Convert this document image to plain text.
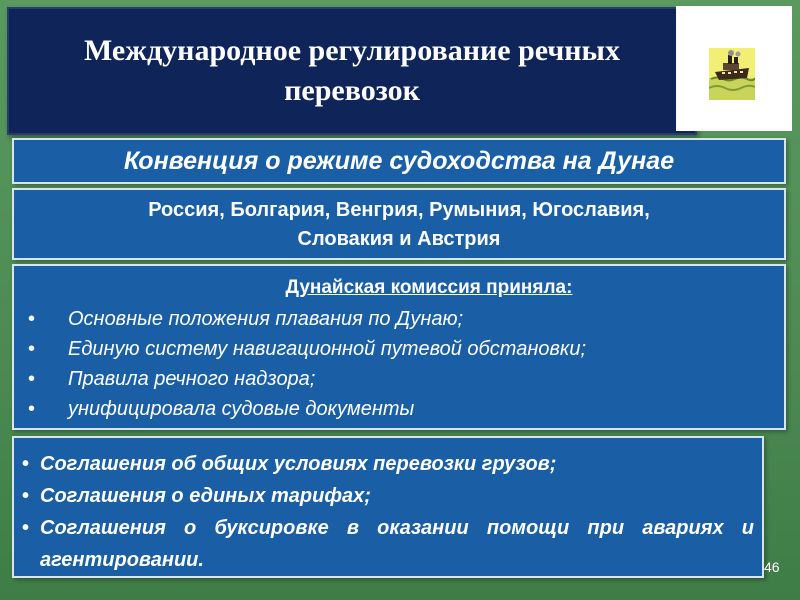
Международное регулирование речных
перевозок
Конвенция о режиме судоходства на Дунае
Россия, Болгария, Венгрия, Румыния, Югославия,
Словакия и Австрия
Дунайская комиссия приняла:
• Основные положения плавания по Дунаю;
• Единую систему навигационной путевой обстановки;
• Правила речного надзора;
• унифицировала судовые документы
• Соглашения об общих условиях перевозки грузов;
• Соглашения о единых тарифах;
• Соглашения о буксировке в оказании помощи при авариях и агентировании.	46
